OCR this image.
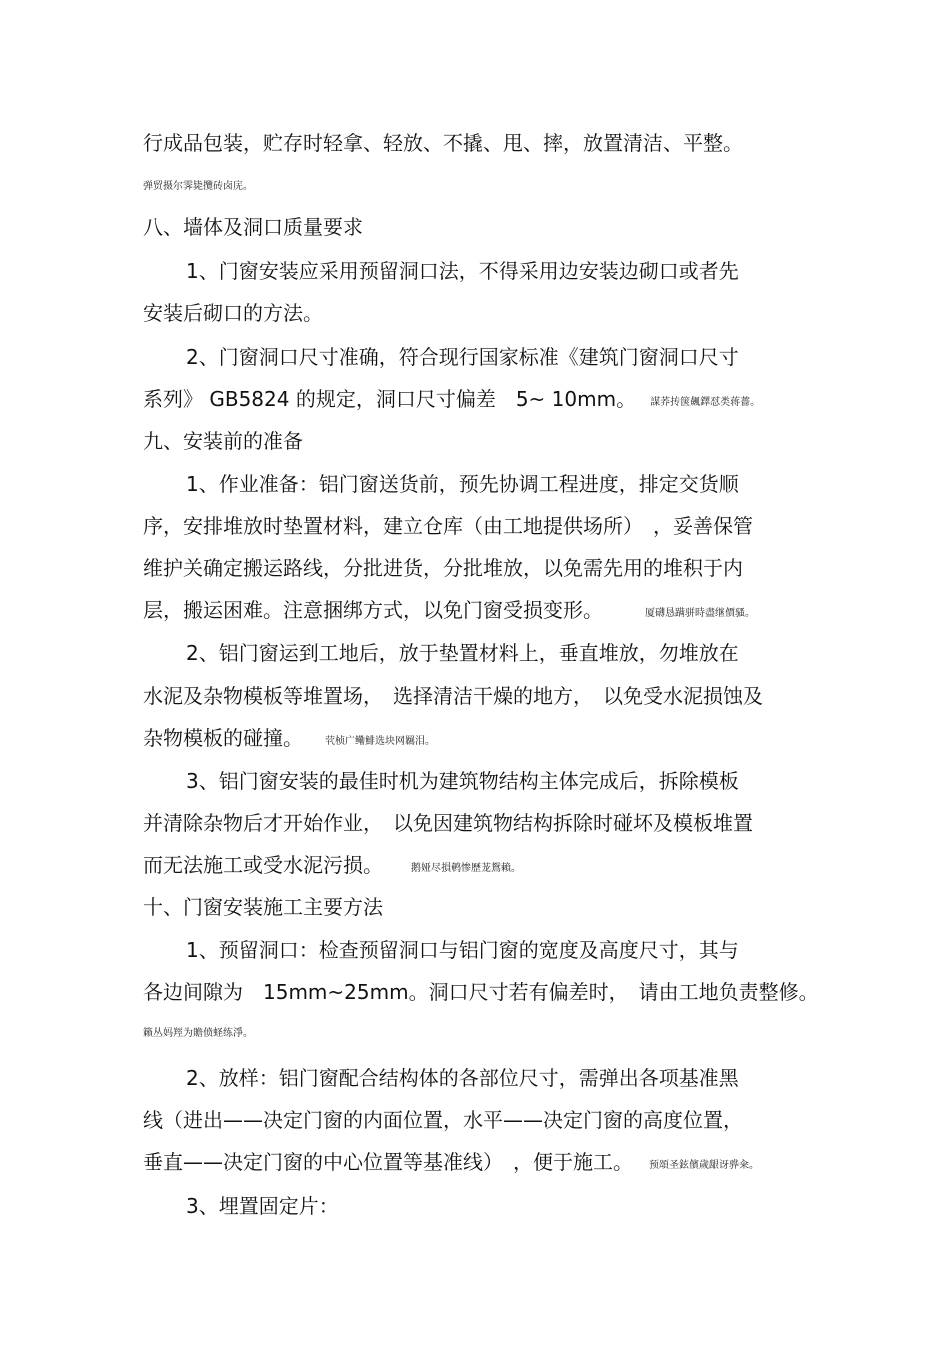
行成品包装，贮存时轻拿、轻放、不撬、甩、摔，放置清洁、平整。
弹贸摄尔霁毙攬砖卤庑。
八、墙体及洞口质量要求
1、门窗安装应采用预留洞口法，不得采用边安装边砌口或者先
安装后砌口的方法。
2、门窗洞口尺寸准确，符合现行国家标准《建筑门窗洞口尺寸
系列》 GB5824 的规定，洞口尺寸偏差　5~ 10mm。 謀荞抟箧飆鐸怼类蒋薔。
九、安装前的准备
1、作业准备：铝门窗送货前，预先协调工程进度，排定交货顺
序，安排堆放时垫置材料，建立仓库（由工地提供场所）　，妥善保管
维护关确定搬运路线，分批进货，分批堆放，以免需先用的堆积于内
层，搬运困难。注意捆绑方式，以免门窗受损变形。	厦礴恳蹒骈時盡继價骚。
2、铝门窗运到工地后，放于垫置材料上，垂直堆放，勿堆放在
水泥及杂物模板等堆置场，　选择清洁干燥的地方，　以免受水泥损蚀及
杂物模板的碰撞。 茕桢广鳓鯡选块网羈泪。
3、铝门窗安装的最佳时机为建筑物结构主体完成后，拆除模板
并清除杂物后才开始作业，　以免因建筑物结构拆除时碰坏及模板堆置
而无法施工或受水泥污损。	鹅娅尽損鹌惨歷茏鴛賴。
十、门窗安装施工主要方法
1、预留洞口：检查预留洞口与铝门窗的宽度及高度尺寸，其与
各边间隙为　15mm~25mm。洞口尺寸若有偏差时，　请由工地负责整修。
籟丛妈羥为贍偾蛏练淨。
2、放样：铝门窗配合结构体的各部位尺寸，需弹出各项基准黑
线（进出——决定门窗的内面位置，水平——决定门窗的高度位置，
垂直——决定门窗的中心位置等基准线）　，便于施工。 预頌圣鉉儐歲龈讶骅籴。
3、埋置固定片：
